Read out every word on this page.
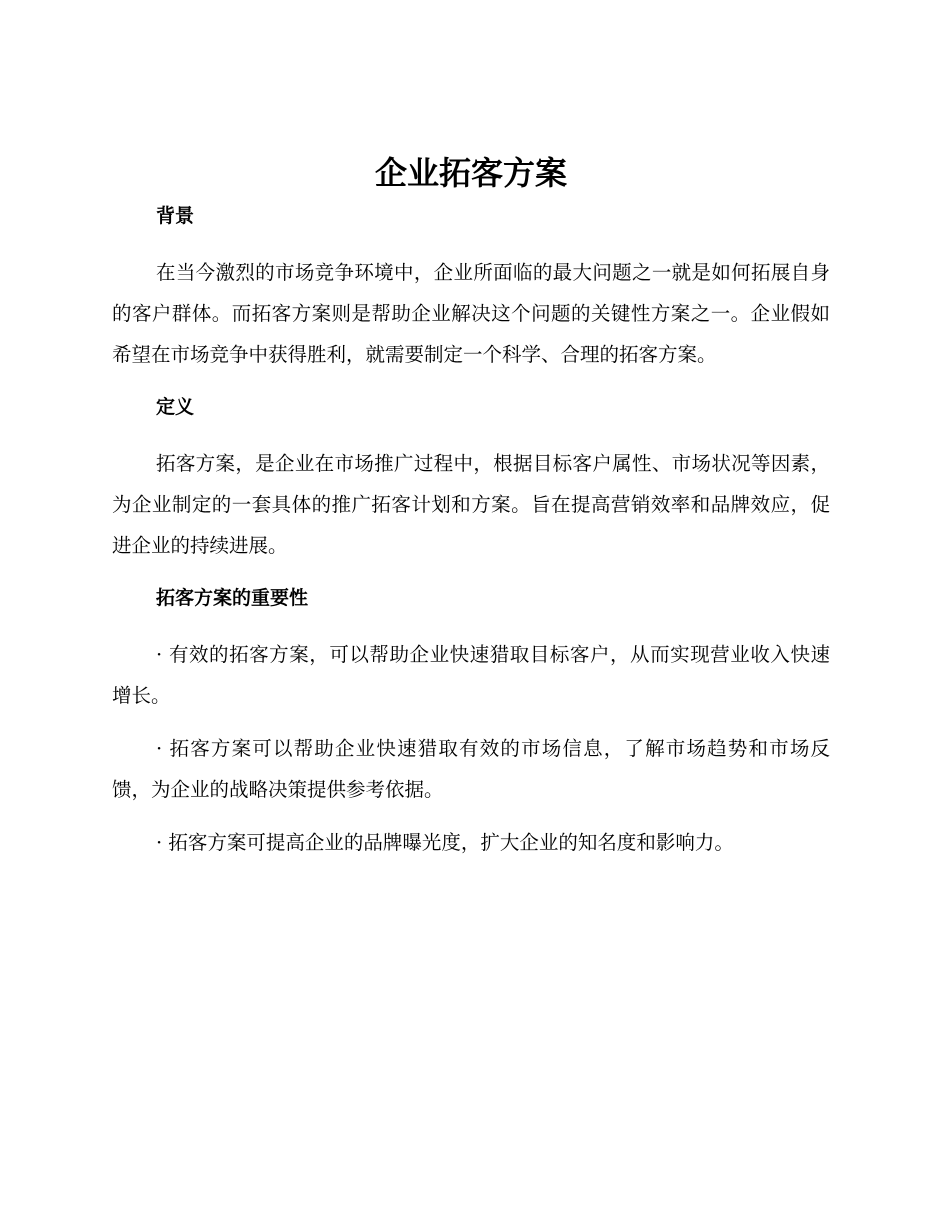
企业拓客方案
背景

在当今激烈的市场竞争环境中，企业所面临的最大问题之一就是如何拓展自身的客户群体。而拓客方案则是帮助企业解决这个问题的关键性方案之一。企业假如希望在市场竞争中获得胜利，就需要制定一个科学、合理的拓客方案。

定义

拓客方案，是企业在市场推广过程中，根据目标客户属性、市场状况等因素，为企业制定的一套具体的推广拓客计划和方案。旨在提高营销效率和品牌效应，促进企业的持续进展。

拓客方案的重要性

· 有效的拓客方案，可以帮助企业快速猎取目标客户，从而实现营业收入快速增长。

· 拓客方案可以帮助企业快速猎取有效的市场信息，了解市场趋势和市场反馈，为企业的战略决策提供参考依据。

· 拓客方案可提高企业的品牌曝光度，扩大企业的知名度和影响力。
